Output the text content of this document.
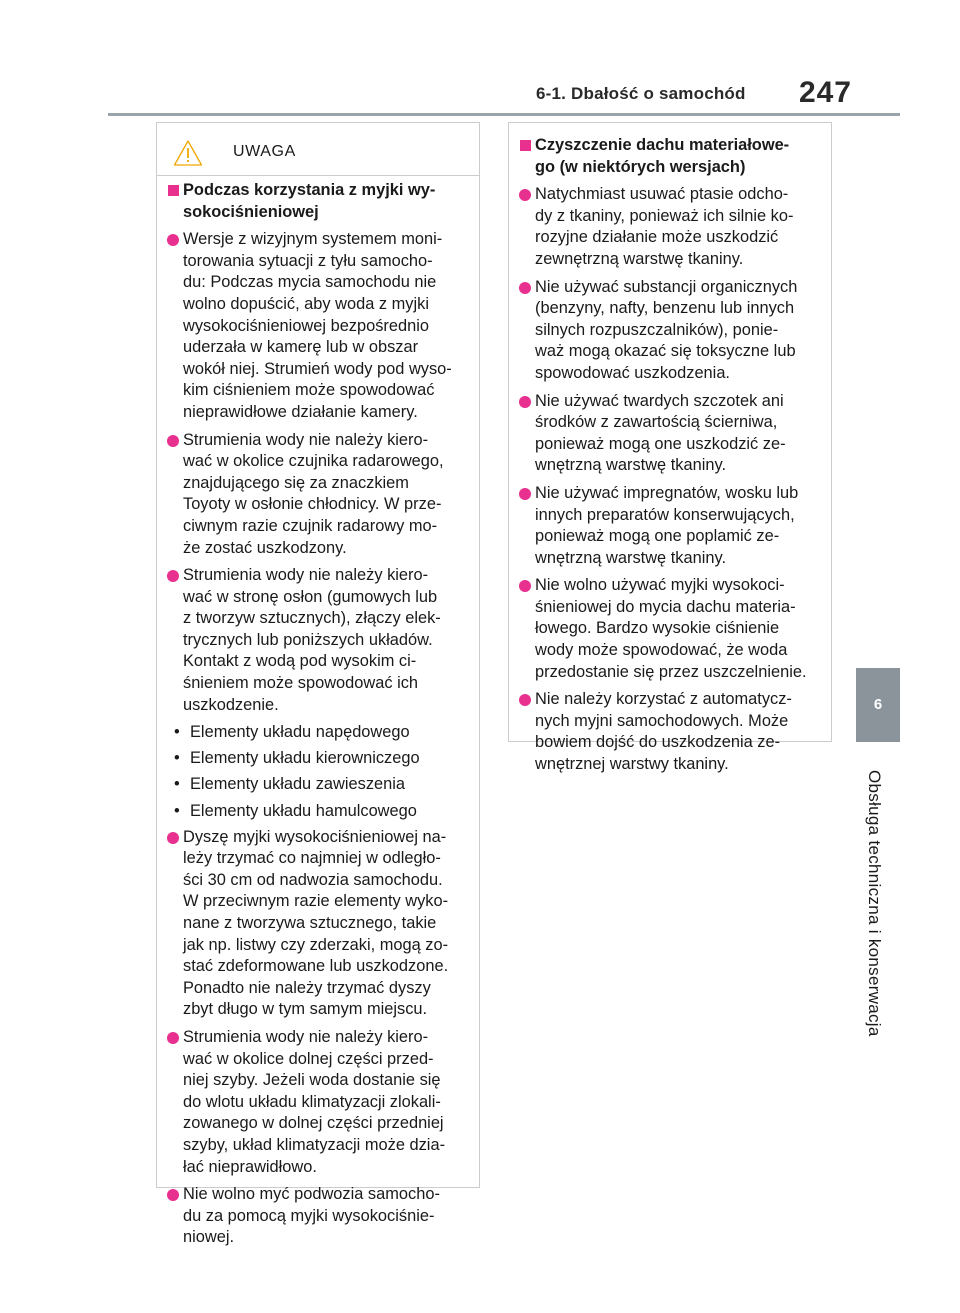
6-1. Dbałość o samochód 247
6
Obsługa techniczna i konserwacja
UWAGA
Podczas korzystania z myjki wy-
sokociśnieniowej
Wersje z wizyjnym systemem moni-
torowania sytuacji z tyłu samocho-
du: Podczas mycia samochodu nie
wolno dopuścić, aby woda z myjki
wysokociśnieniowej bezpośrednio
uderzała w kamerę lub w obszar
wokół niej. Strumień wody pod wyso-
kim ciśnieniem może spowodować
nieprawidłowe działanie kamery.
Strumienia wody nie należy kiero-
wać w okolice czujnika radarowego,
znajdującego się za znaczkiem
Toyoty w osłonie chłodnicy. W prze-
ciwnym razie czujnik radarowy mo-
że zostać uszkodzony.
Strumienia wody nie należy kiero-
wać w stronę osłon (gumowych lub
z tworzyw sztucznych), złączy elek-
trycznych lub poniższych układów.
Kontakt z wodą pod wysokim ci-
śnieniem może spowodować ich
uszkodzenie.
• Elementy układu napędowego
• Elementy układu kierowniczego
• Elementy układu zawieszenia
• Elementy układu hamulcowego
Dyszę myjki wysokociśnieniowej na-
leży trzymać co najmniej w odległo-
ści 30 cm od nadwozia samochodu.
W przeciwnym razie elementy wyko-
nane z tworzywa sztucznego, takie
jak np. listwy czy zderzaki, mogą zo-
stać zdeformowane lub uszkodzone.
Ponadto nie należy trzymać dyszy
zbyt długo w tym samym miejscu.
Strumienia wody nie należy kiero-
wać w okolice dolnej części przed-
niej szyby. Jeżeli woda dostanie się
do wlotu układu klimatyzacji zlokali-
zowanego w dolnej części przedniej
szyby, układ klimatyzacji może dzia-
łać nieprawidłowo.
Nie wolno myć podwozia samocho-
du za pomocą myjki wysokociśnie-
niowej.
Czyszczenie dachu materiałowe-
go (w niektórych wersjach)
Natychmiast usuwać ptasie odcho-
dy z tkaniny, ponieważ ich silnie ko-
rozyjne działanie może uszkodzić
zewnętrzną warstwę tkaniny.
Nie używać substancji organicznych
(benzyny, nafty, benzenu lub innych
silnych rozpuszczalników), ponie-
waż mogą okazać się toksyczne lub
spowodować uszkodzenia.
Nie używać twardych szczotek ani
środków z zawartością ścierniwa,
ponieważ mogą one uszkodzić ze-
wnętrzną warstwę tkaniny.
Nie używać impregnatów, wosku lub
innych preparatów konserwujących,
ponieważ mogą one poplamić ze-
wnętrzną warstwę tkaniny.
Nie wolno używać myjki wysokoci-
śnieniowej do mycia dachu materia-
łowego. Bardzo wysokie ciśnienie
wody może spowodować, że woda
przedostanie się przez uszczelnienie.
Nie należy korzystać z automatycz-
nych myjni samochodowych. Może
bowiem dojść do uszkodzenia ze-
wnętrznej warstwy tkaniny.
